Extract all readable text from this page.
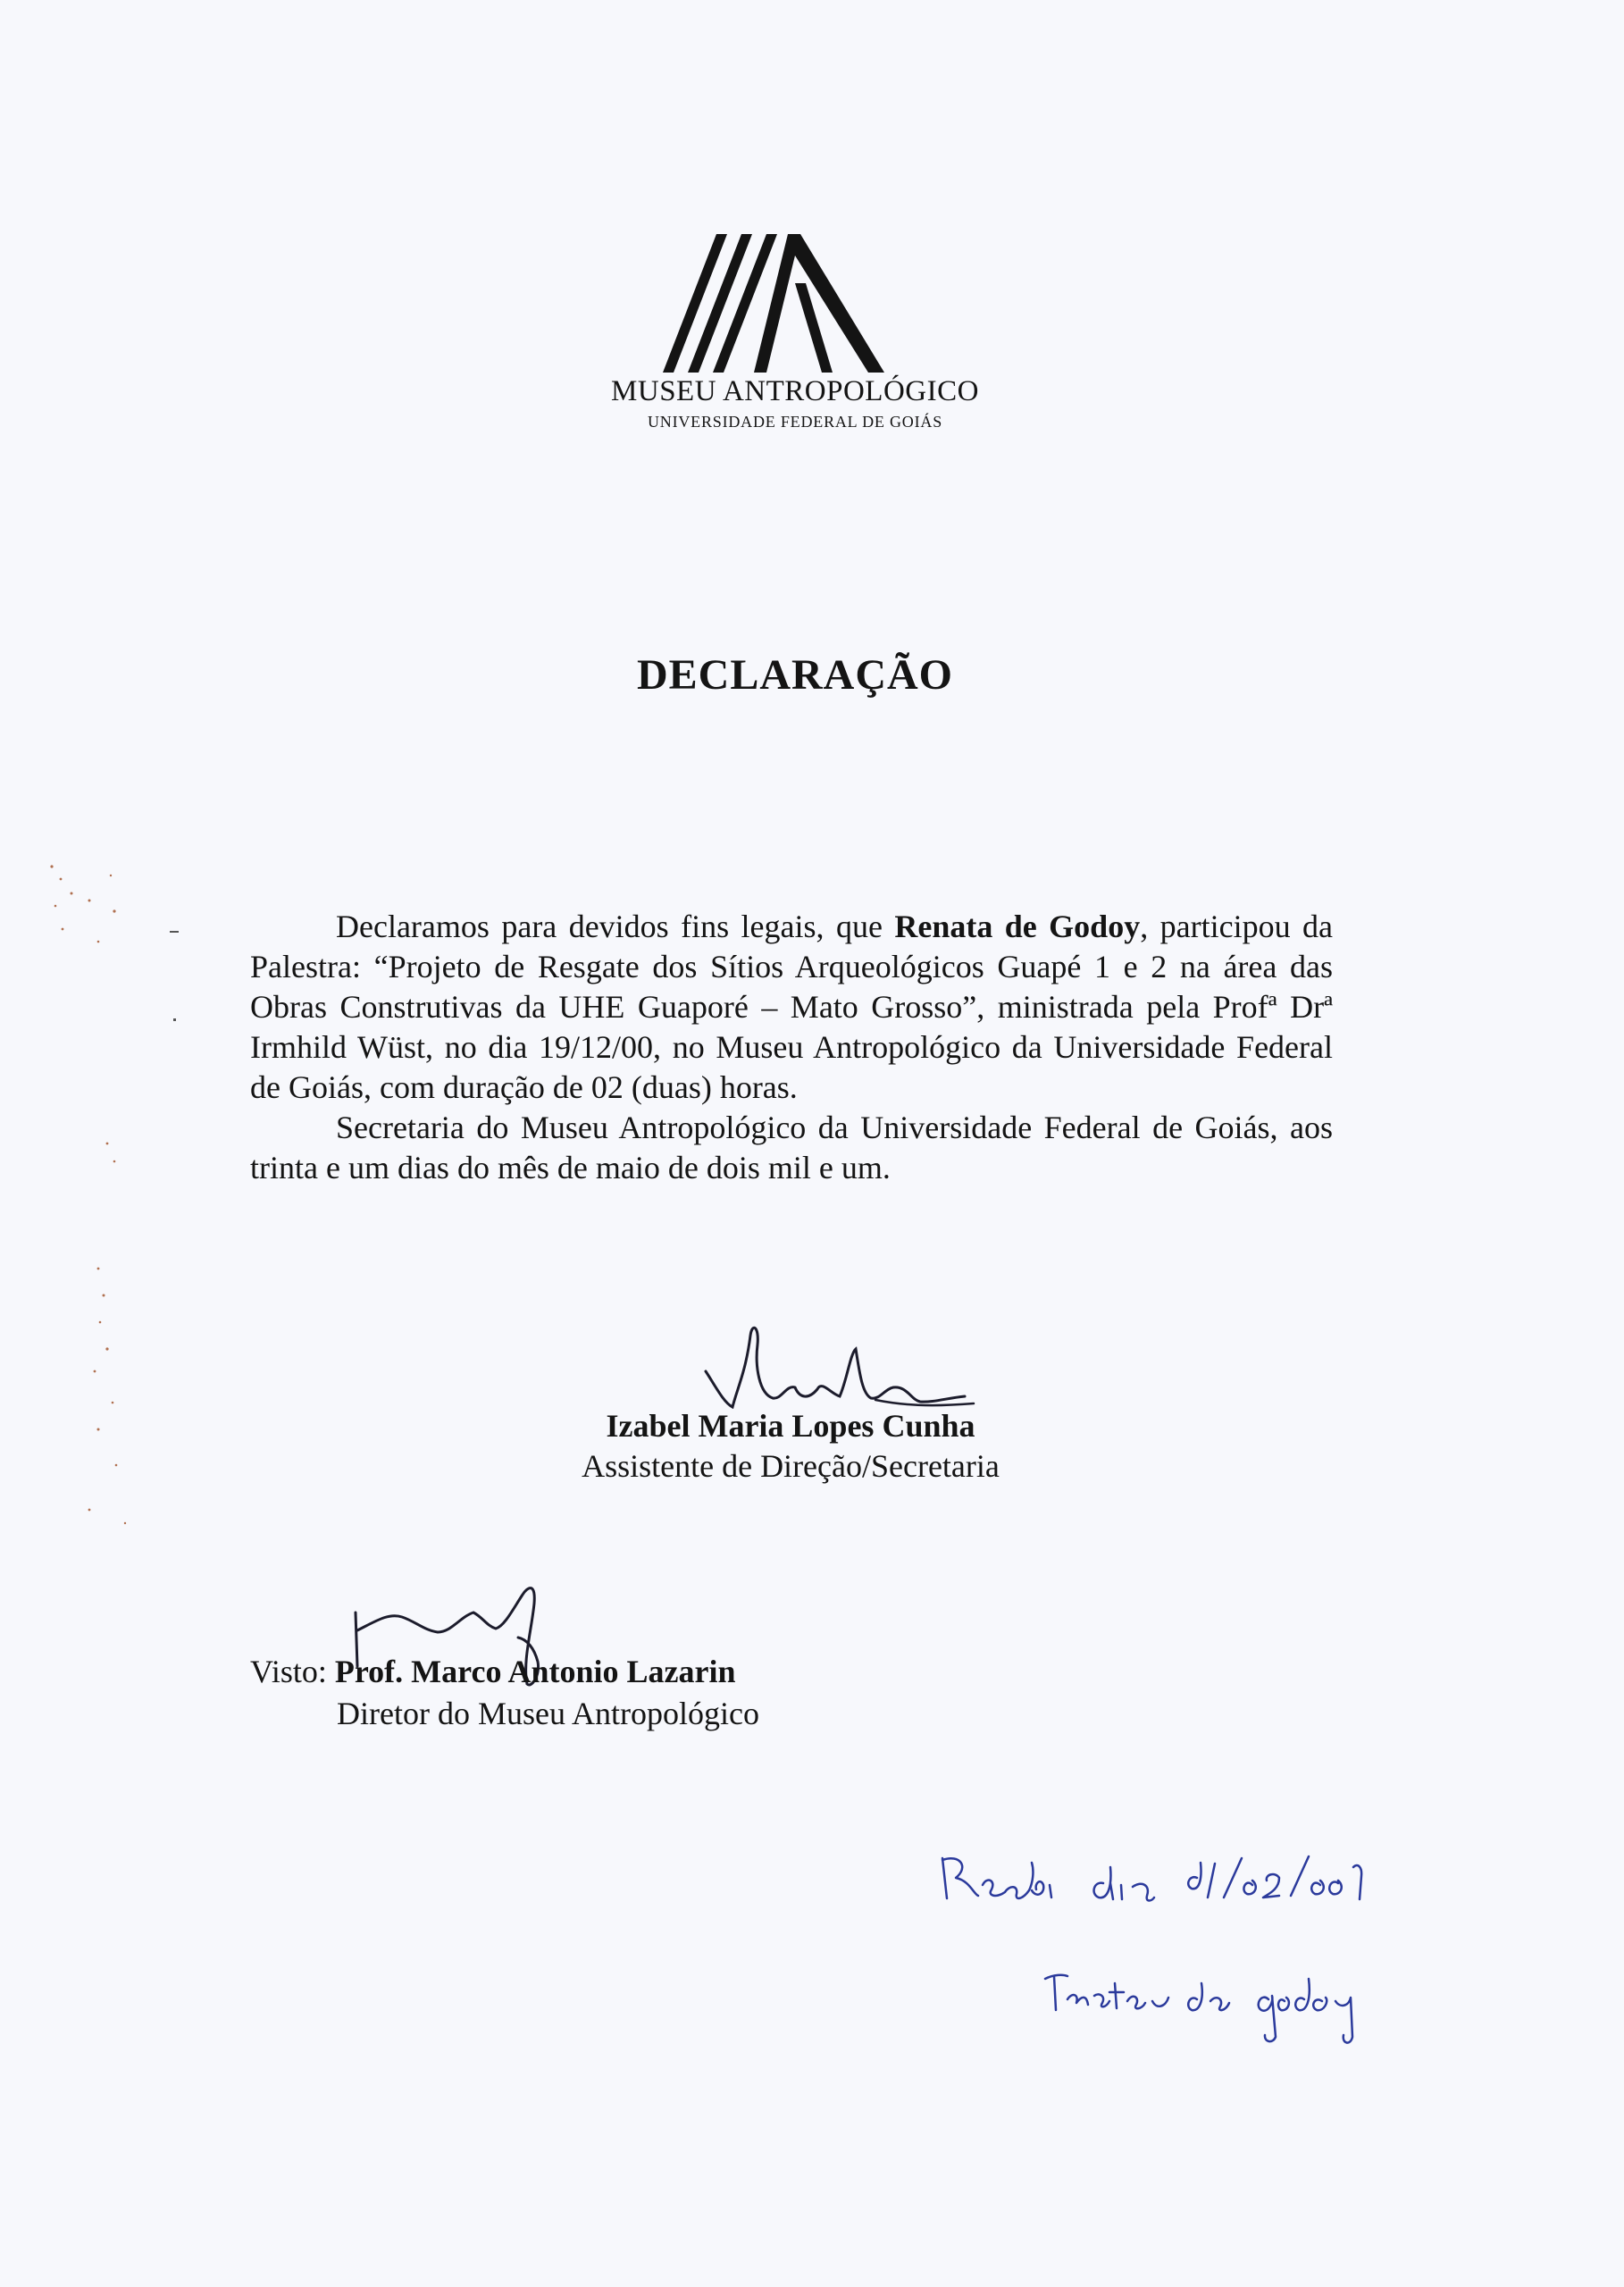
MUSEU ANTROPOLÓGICO
UNIVERSIDADE FEDERAL DE GOIÁS
DECLARAÇÃO

Declaramos para devidos fins legais, que Renata de Godoy, participou da Palestra: “Projeto de Resgate dos Sítios Arqueológicos Guapé 1 e 2 na área das Obras Construtivas da UHE Guaporé – Mato Grosso”, ministrada pela Profª Drª Irmhild Wüst, no dia 19/12/00, no Museu Antropológico da Universidade Federal de Goiás, com duração de 02 (duas) horas.

Secretaria do Museu Antropológico da Universidade Federal de Goiás, aos trinta e um dias do mês de maio de dois mil e um.

Izabel Maria Lopes Cunha
Assistente de Direção/Secretaria
Visto: Prof. Marco Antonio Lazarin
Diretor do Museu Antropológico
